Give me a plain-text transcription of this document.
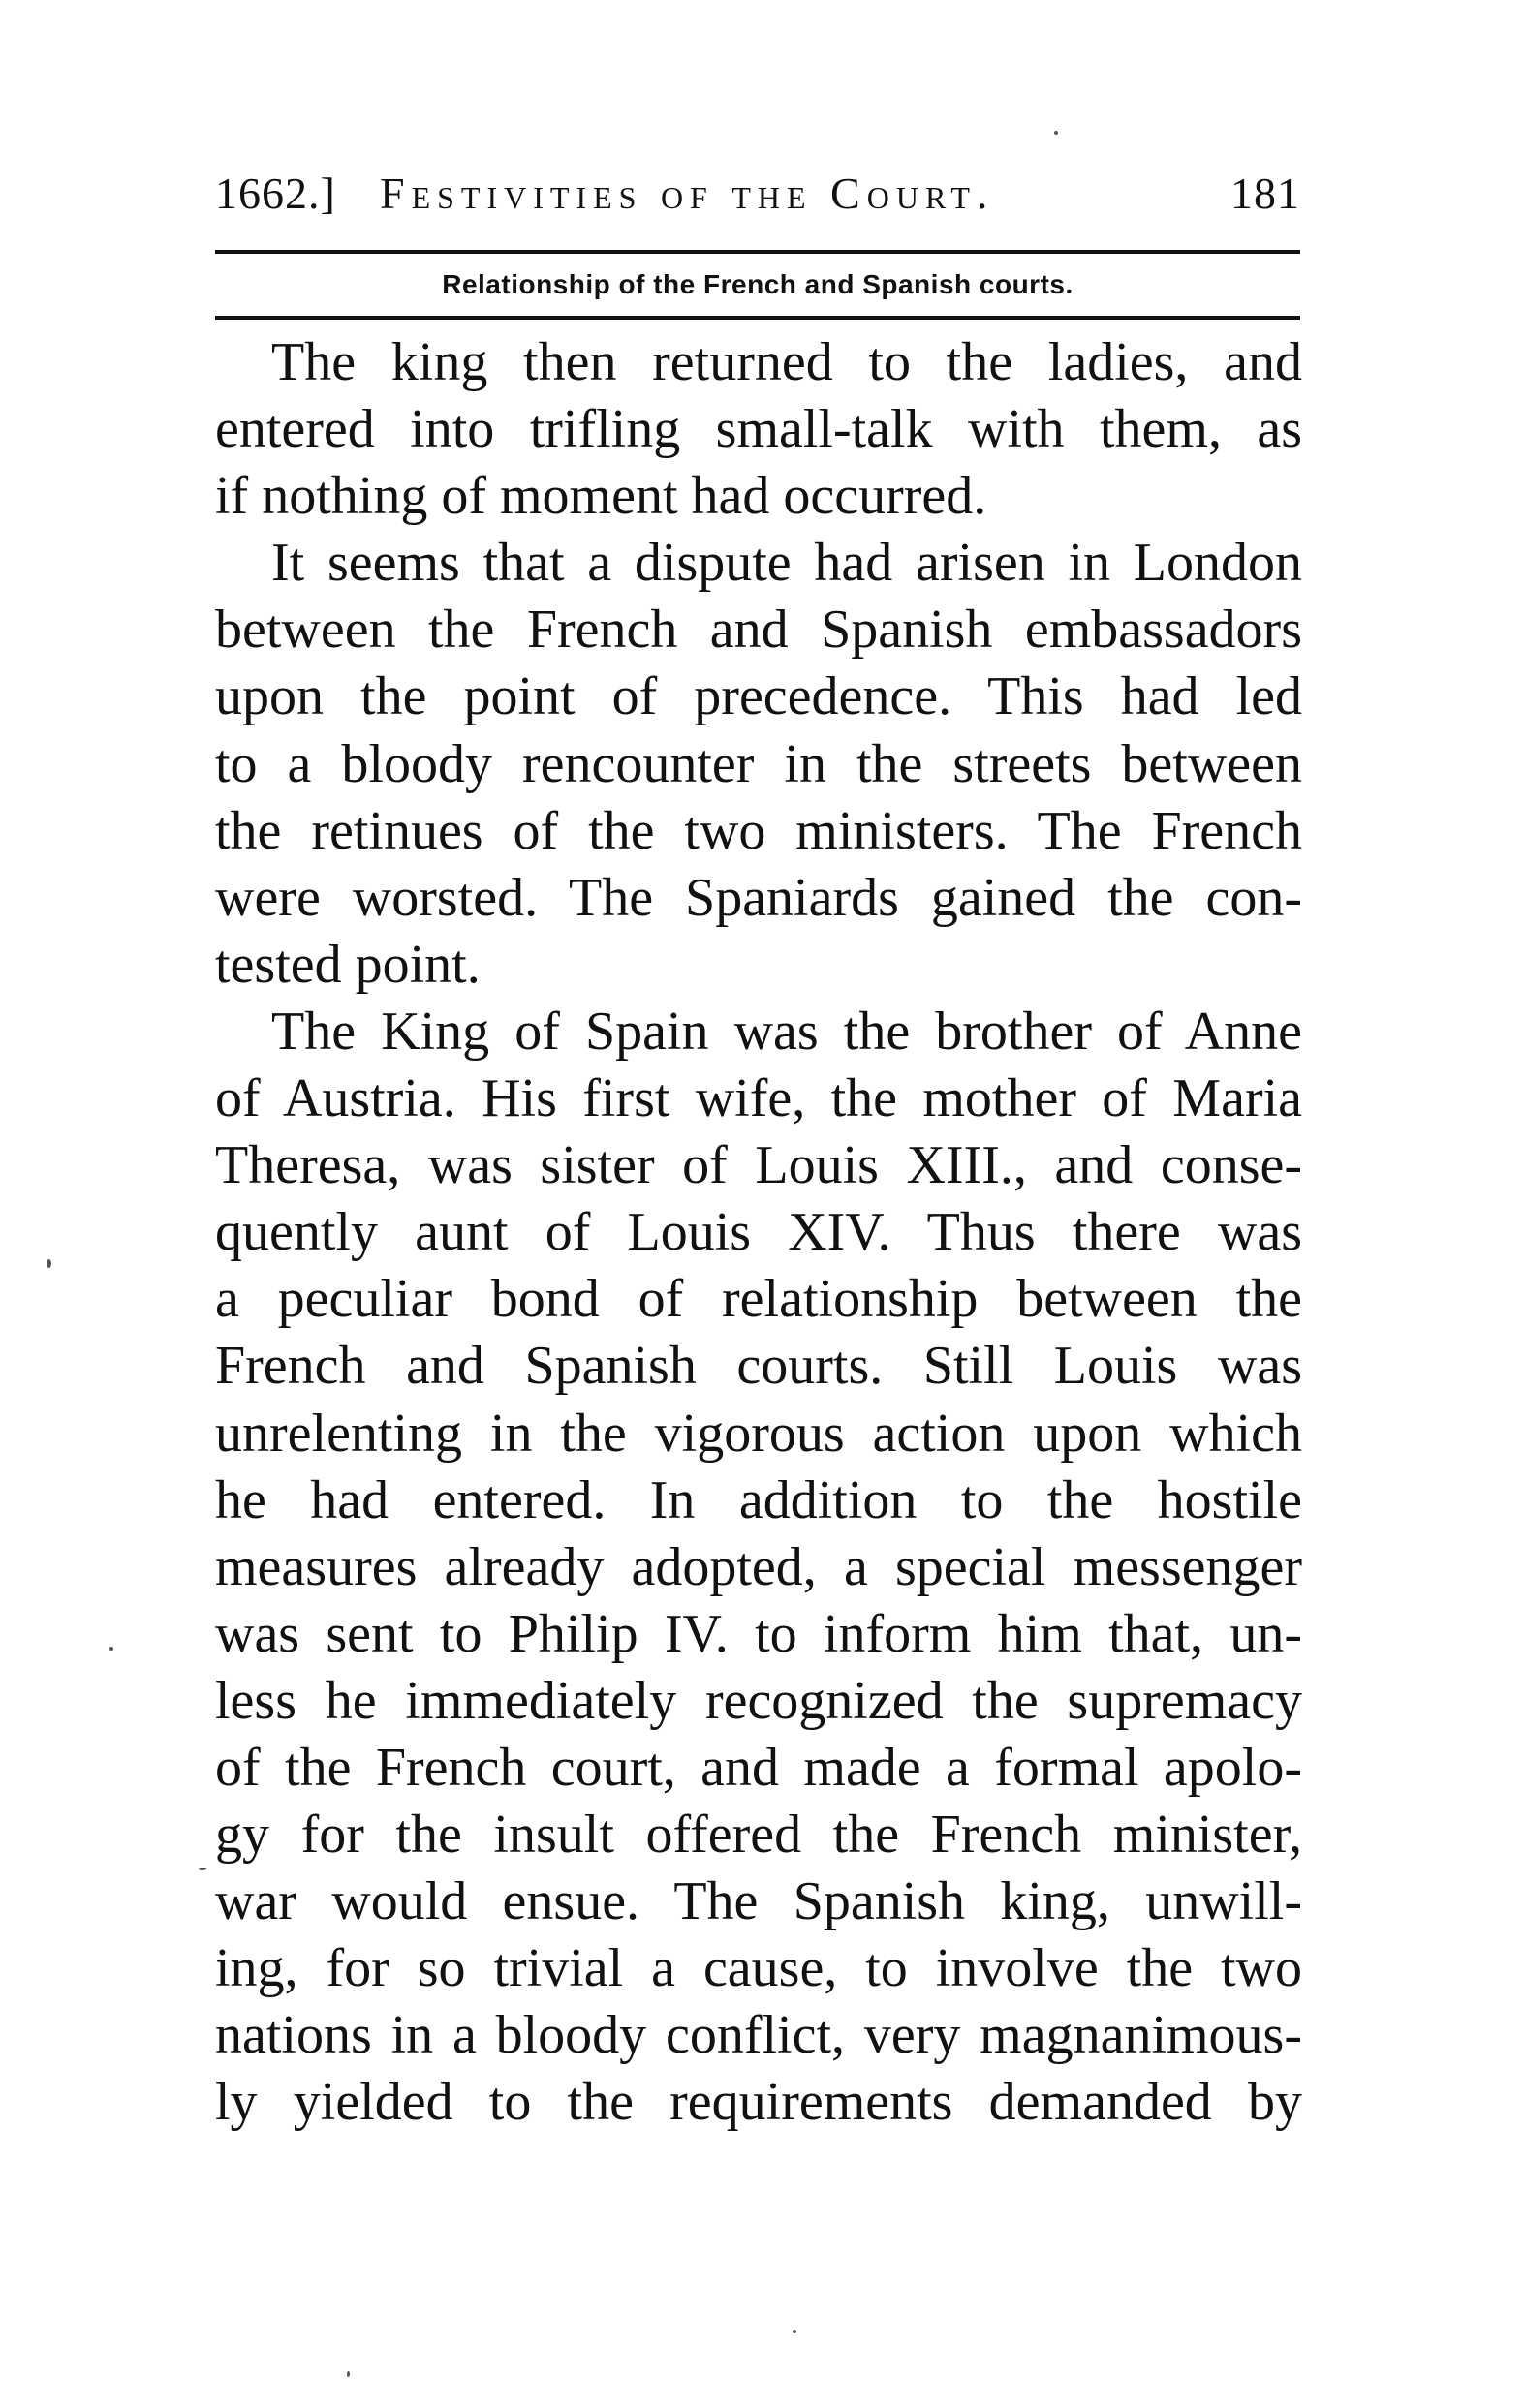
1662.] Festivities of the Court.	181
Relationship of the French and Spanish courts.
The king then returned to the ladies, and
entered into trifling small-talk with them, as
if nothing of moment had occurred.
It seems that a dispute had arisen in London
between the French and Spanish embassadors
upon the point of precedence. This had led
to a bloody rencounter in the streets between
the retinues of the two ministers. The French
were worsted. The Spaniards gained the con-
tested point.
The King of Spain was the brother of Anne
of Austria. His first wife, the mother of Maria
Theresa, was sister of Louis XIII., and conse-
quently aunt of Louis XIV. Thus there was
a peculiar bond of relationship between the
French and Spanish courts. Still Louis was
unrelenting in the vigorous action upon which
he had entered. In addition to the hostile
measures already adopted, a special messenger
was sent to Philip IV. to inform him that, un-
less he immediately recognized the supremacy
of the French court, and made a formal apolo-
gy for the insult offered the French minister,
war would ensue. The Spanish king, unwill-
ing, for so trivial a cause, to involve the two
nations in a bloody conflict, very magnanimous-
ly yielded to the requirements demanded by
